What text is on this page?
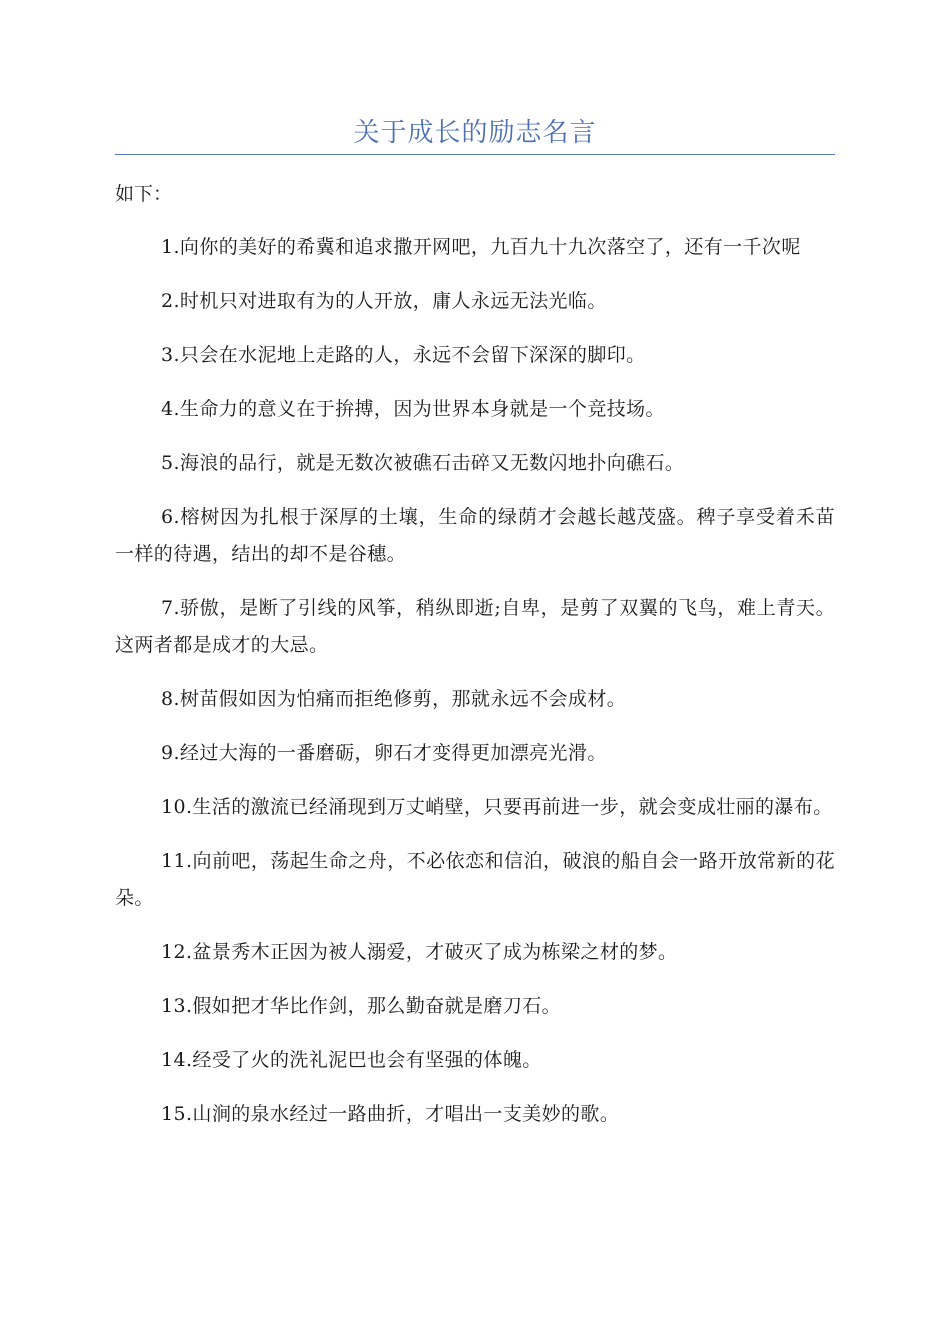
关于成长的励志名言

如下：

1.向你的美好的希冀和追求撒开网吧，九百九十九次落空了，还有一千次呢

2.时机只对进取有为的人开放，庸人永远无法光临。

3.只会在水泥地上走路的人，永远不会留下深深的脚印。

4.生命力的意义在于拚搏，因为世界本身就是一个竞技场。

5.海浪的品行，就是无数次被礁石击碎又无数闪地扑向礁石。

6.榕树因为扎根于深厚的土壤，生命的绿荫才会越长越茂盛。稗子享受着禾苗一样的待遇，结出的却不是谷穗。

7.骄傲，是断了引线的风筝，稍纵即逝;自卑，是剪了双翼的飞鸟，难上青天。这两者都是成才的大忌。

8.树苗假如因为怕痛而拒绝修剪，那就永远不会成材。

9.经过大海的一番磨砺，卵石才变得更加漂亮光滑。

10.生活的激流已经涌现到万丈峭壁，只要再前进一步，就会变成壮丽的瀑布。

11.向前吧，荡起生命之舟，不必依恋和信泊，破浪的船自会一路开放常新的花朵。

12.盆景秀木正因为被人溺爱，才破灭了成为栋梁之材的梦。

13.假如把才华比作剑，那么勤奋就是磨刀石。

14.经受了火的洗礼泥巴也会有坚强的体魄。

15.山涧的泉水经过一路曲折，才唱出一支美妙的歌。
